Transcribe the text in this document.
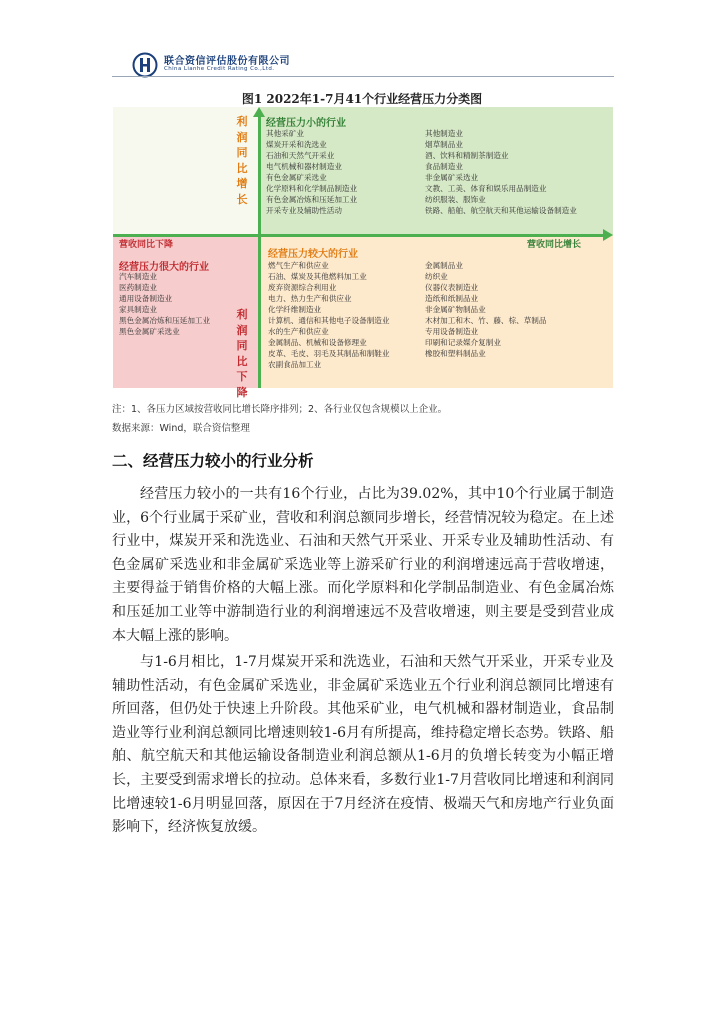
联合资信评估股份有限公司
China Lianhe Credit Rating Co.,Ltd.
图1 2022年1-7月41个行业经营压力分类图
利润同比增长
利润同比下降
营收同比下降	营收同比增长
经营压力小的行业
经营压力较大的行业
经营压力很大的行业
其他采矿业
煤炭开采和洗选业
石油和天然气开采业
电气机械和器材制造业
有色金属矿采选业
化学原料和化学制品制造业
有色金属冶炼和压延加工业
开采专业及辅助性活动
其他制造业
烟草制品业
酒、饮料和精制茶制造业
食品制造业
非金属矿采选业
文教、工美、体育和娱乐用品制造业
纺织服装、服饰业
铁路、船舶、航空航天和其他运输设备制造业
燃气生产和供应业
石油、煤炭及其他燃料加工业
废弃资源综合利用业
电力、热力生产和供应业
化学纤维制造业
计算机、通信和其他电子设备制造业
水的生产和供应业
金属制品、机械和设备修理业
皮革、毛皮、羽毛及其制品和制鞋业
农副食品加工业
金属制品业
纺织业
仪器仪表制造业
造纸和纸制品业
非金属矿物制品业
木材加工和木、竹、藤、棕、草制品
专用设备制造业
印刷和记录媒介复制业
橡胶和塑料制品业
汽车制造业
医药制造业
通用设备制造业
家具制造业
黑色金属冶炼和压延加工业
黑色金属矿采选业
注：1、各压力区域按营收同比增长降序排列；2、各行业仅包含规模以上企业。
数据来源：Wind，联合资信整理
二、经营压力较小的行业分析

经营压力较小的一共有16个行业，占比为39.02%，其中10个行业属于制造业，6个行业属于采矿业，营收和利润总额同步增长，经营情况较为稳定。在上述行业中，煤炭开采和洗选业、石油和天然气开采业、开采专业及辅助性活动、有色金属矿采选业和非金属矿采选业等上游采矿行业的利润增速远高于营收增速，主要得益于销售价格的大幅上涨。而化学原料和化学制品制造业、有色金属冶炼和压延加工业等中游制造行业的利润增速远不及营收增速，则主要是受到营业成本大幅上涨的影响。

与1-6月相比，1-7月煤炭开采和洗选业，石油和天然气开采业，开采专业及辅助性活动，有色金属矿采选业，非金属矿采选业五个行业利润总额同比增速有所回落，但仍处于快速上升阶段。其他采矿业，电气机械和器材制造业，食品制造业等行业利润总额同比增速则较1-6月有所提高，维持稳定增长态势。铁路、船舶、航空航天和其他运输设备制造业利润总额从1-6月的负增长转变为小幅正增长，主要受到需求增长的拉动。总体来看，多数行业1-7月营收同比增速和利润同比增速较1-6月明显回落，原因在于7月经济在疫情、极端天气和房地产行业负面影响下，经济恢复放缓。
